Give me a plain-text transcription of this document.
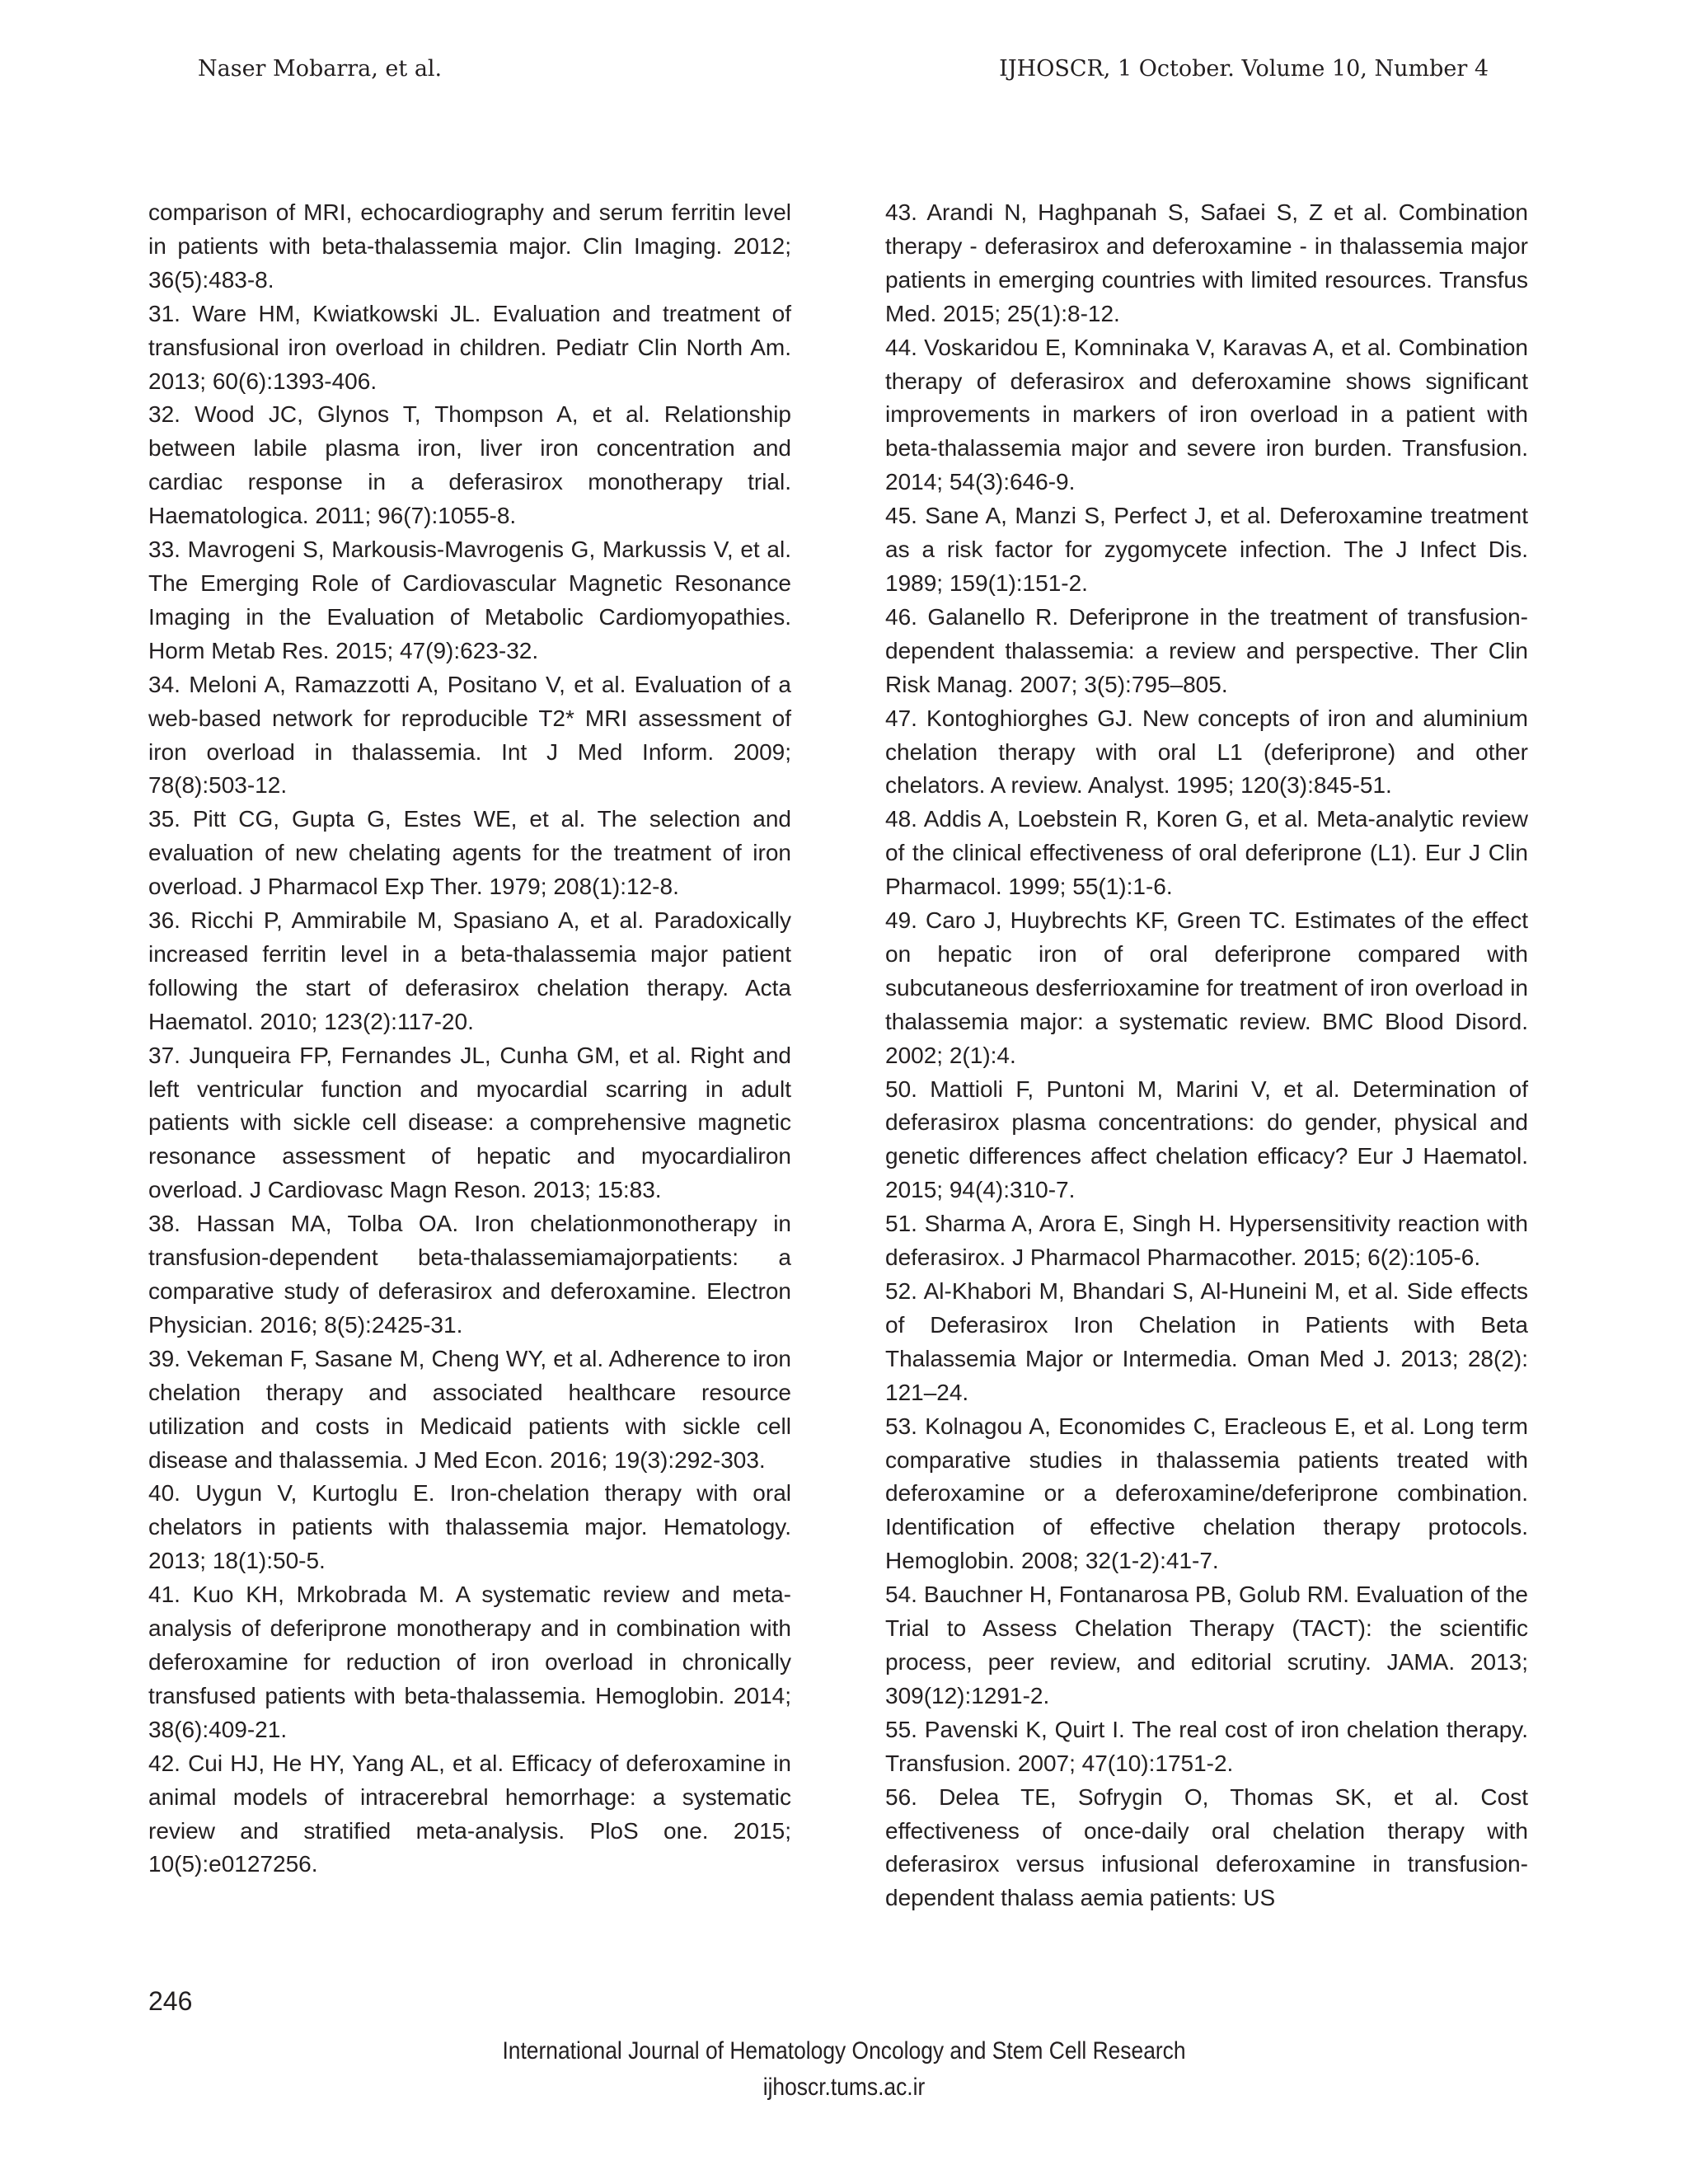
Naser Mobarra, et al.	IJHOSCR, 1 October. Volume 10, Number 4

comparison of MRI, echocardiography and serum ferritin level in patients with beta-thalassemia major. Clin Imaging. 2012; 36(5):483-8.

31. Ware HM, Kwiatkowski JL. Evaluation and treatment of transfusional iron overload in children. Pediatr Clin North Am. 2013; 60(6):1393-406.

32. Wood JC, Glynos T, Thompson A, et al. Relationship between labile plasma iron, liver iron concentration and cardiac response in a deferasirox monotherapy trial. Haematologica. 2011; 96(7):1055-8.

33. Mavrogeni S, Markousis-Mavrogenis G, Markussis V, et al. The Emerging Role of Cardiovascular Magnetic Resonance Imaging in the Evaluation of Metabolic Cardiomyopathies. Horm Metab Res. 2015; 47(9):623-32.

34. Meloni A, Ramazzotti A, Positano V, et al. Evaluation of a web-based network for reproducible T2* MRI assessment of iron overload in thalassemia. Int J Med Inform. 2009; 78(8):503-12.

35. Pitt CG, Gupta G, Estes WE, et al. The selection and evaluation of new chelating agents for the treatment of iron overload. J Pharmacol Exp Ther. 1979; 208(1):12-8.

36. Ricchi P, Ammirabile M, Spasiano A, et al. Paradoxically increased ferritin level in a beta-thalassemia major patient following the start of deferasirox chelation therapy. Acta Haematol. 2010; 123(2):117-20.

37. Junqueira FP, Fernandes JL, Cunha GM, et al. Right and left ventricular function and myocardial scarring in adult patients with sickle cell disease: a comprehensive magnetic resonance assessment of hepatic and myocardialiron overload. J Cardiovasc Magn Reson. 2013; 15:83.

38. Hassan MA, Tolba OA. Iron chelationmonotherapy in transfusion-dependent beta-thalassemiamajorpatients: a comparative study of deferasirox and deferoxamine. Electron Physician. 2016; 8(5):2425-31.

39. Vekeman F, Sasane M, Cheng WY, et al. Adherence to iron chelation therapy and associated healthcare resource utilization and costs in Medicaid patients with sickle cell disease and thalassemia. J Med Econ. 2016; 19(3):292-303.

40. Uygun V, Kurtoglu E. Iron-chelation therapy with oral chelators in patients with thalassemia major. Hematology. 2013; 18(1):50-5.

41. Kuo KH, Mrkobrada M. A systematic review and meta-analysis of deferiprone monotherapy and in combination with deferoxamine for reduction of iron overload in chronically transfused patients with beta-thalassemia. Hemoglobin. 2014; 38(6):409-21.

42. Cui HJ, He HY, Yang AL, et al. Efficacy of deferoxamine in animal models of intracerebral hemorrhage: a systematic review and stratified meta-analysis. PloS one. 2015; 10(5):e0127256.

43. Arandi N, Haghpanah S, Safaei S, Z et al. Combination therapy - deferasirox and deferoxamine - in thalassemia major patients in emerging countries with limited resources. Transfus Med. 2015; 25(1):8-12.

44. Voskaridou E, Komninaka V, Karavas A, et al. Combination therapy of deferasirox and deferoxamine shows significant improvements in markers of iron overload in a patient with beta-thalassemia major and severe iron burden. Transfusion. 2014; 54(3):646-9.

45. Sane A, Manzi S, Perfect J, et al. Deferoxamine treatment as a risk factor for zygomycete infection. The J Infect Dis. 1989; 159(1):151-2.

46. Galanello R. Deferiprone in the treatment of transfusion-dependent thalassemia: a review and perspective. Ther Clin Risk Manag. 2007; 3(5):795–805.

47. Kontoghiorghes GJ. New concepts of iron and aluminium chelation therapy with oral L1 (deferiprone) and other chelators. A review. Analyst. 1995; 120(3):845-51.

48. Addis A, Loebstein R, Koren G, et al. Meta-analytic review of the clinical effectiveness of oral deferiprone (L1). Eur J Clin Pharmacol. 1999; 55(1):1-6.

49. Caro J, Huybrechts KF, Green TC. Estimates of the effect on hepatic iron of oral deferiprone compared with subcutaneous desferrioxamine for treatment of iron overload in thalassemia major: a systematic review. BMC Blood Disord. 2002; 2(1):4.

50. Mattioli F, Puntoni M, Marini V, et al. Determination of deferasirox plasma concentrations: do gender, physical and genetic differences affect chelation efficacy? Eur J Haematol. 2015; 94(4):310-7.

51. Sharma A, Arora E, Singh H. Hypersensitivity reaction with deferasirox. J Pharmacol Pharmacother. 2015; 6(2):105-6.

52. Al-Khabori M, Bhandari S, Al-Huneini M, et al. Side effects of Deferasirox Iron Chelation in Patients with Beta Thalassemia Major or Intermedia. Oman Med J. 2013; 28(2): 121–24.

53. Kolnagou A, Economides C, Eracleous E, et al. Long term comparative studies in thalassemia patients treated with deferoxamine or a deferoxamine/deferiprone combination. Identification of effective chelation therapy protocols. Hemoglobin. 2008; 32(1-2):41-7.

54. Bauchner H, Fontanarosa PB, Golub RM. Evaluation of the Trial to Assess Chelation Therapy (TACT): the scientific process, peer review, and editorial scrutiny. JAMA. 2013; 309(12):1291-2.

55. Pavenski K, Quirt I. The real cost of iron chelation therapy. Transfusion. 2007; 47(10):1751-2.

56. Delea TE, Sofrygin O, Thomas SK, et al. Cost effectiveness of once-daily oral chelation therapy with deferasirox versus infusional deferoxamine in transfusion-dependent thalass aemia patients: US

246
International Journal of Hematology Oncology and Stem Cell Research
ijhoscr.tums.ac.ir
